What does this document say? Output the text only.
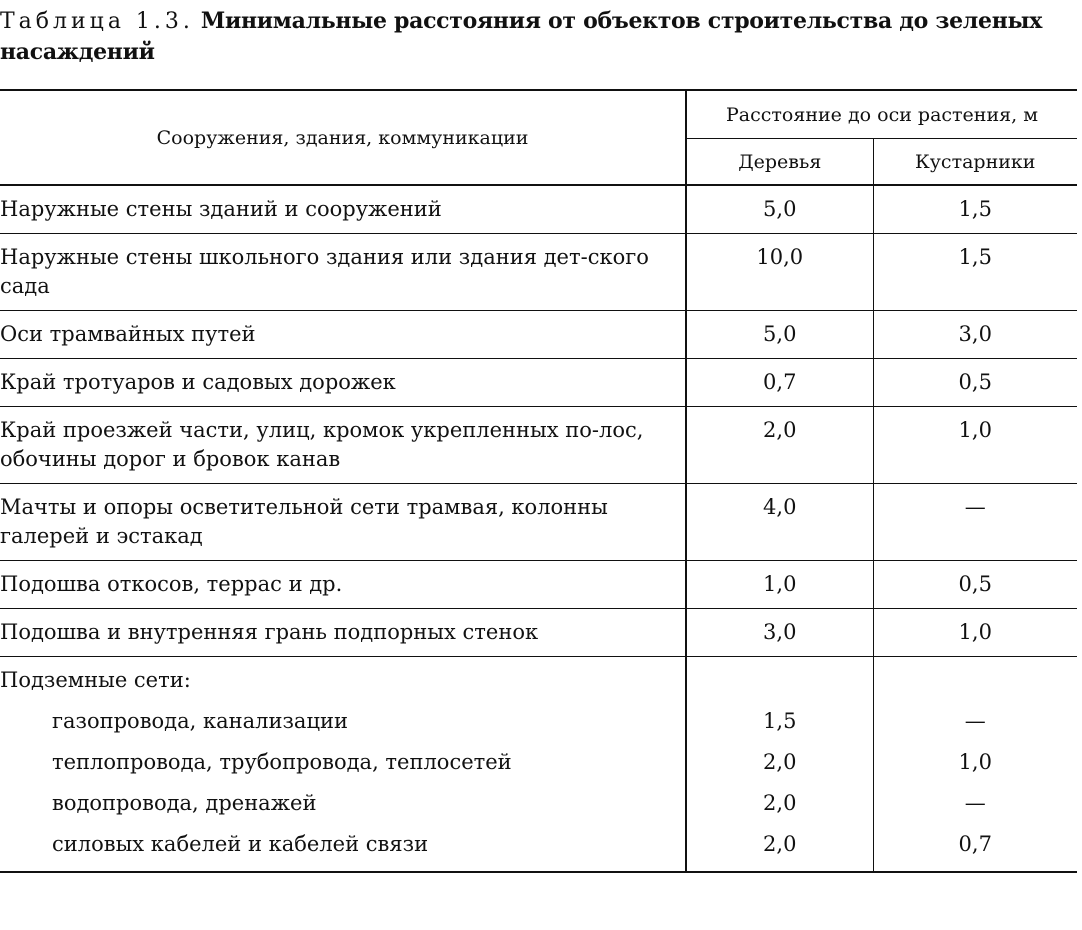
Таблица 1.3. Минимальные расстояния от объектов строительства до зеленых насаждений
Сооружения, здания, коммуникации	Расстояние до оси растения, м	
	Деревья	Кустарники
Наружные стены зданий и сооружений	5,0	1,5
Наружные стены школьного здания или здания дет-ского сада	10,0	1,5
Оси трамвайных путей	5,0	3,0
Край тротуаров и садовых дорожек	0,7	0,5
Край проезжей части, улиц, кромок укрепленных по-лос, обочины дорог и бровок канав	2,0	1,0
Мачты и опоры осветительной сети трамвая, колонны галерей и эстакад	4,0	—
Подошва откосов, террас и др.	1,0	0,5
Подошва и внутренняя грань подпорных стенок	3,0	1,0
Подземные сети:		
газопровода, канализации	1,5	—
теплопровода, трубопровода, теплосетей	2,0	1,0
водопровода, дренажей	2,0	—
силовых кабелей и кабелей связи	2,0	0,7
